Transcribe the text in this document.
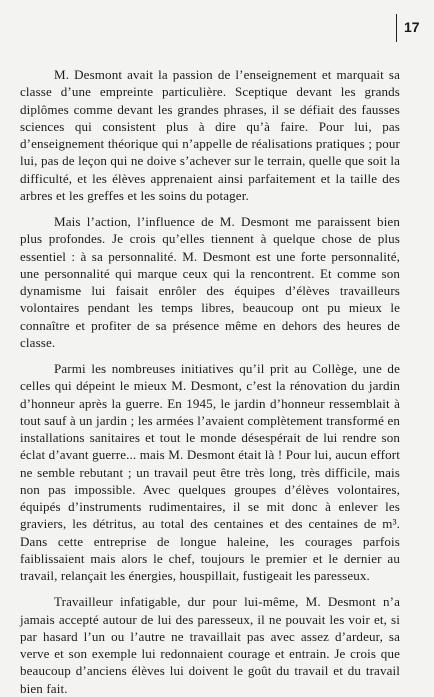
17

M. Desmont avait la passion de l’enseignement et marquait sa classe d’une empreinte particulière. Sceptique devant les grands diplômes comme devant les grandes phrases, il se défiait des fausses sciences qui consistent plus à dire qu’à faire. Pour lui, pas d’enseignement théorique qui n’appelle de réalisations pratiques ; pour lui, pas de leçon qui ne doive s’achever sur le terrain, quelle que soit la difficulté, et les élèves apprenaient ainsi parfaitement et la taille des arbres et les greffes et les soins du potager.

Mais l’action, l’influence de M. Desmont me paraissent bien plus profondes. Je crois qu’elles tiennent à quelque chose de plus essentiel : à sa personnalité. M. Desmont est une forte personnalité, une personnalité qui marque ceux qui la rencontrent. Et comme son dynamisme lui faisait enrôler des équipes d’élèves travailleurs volontaires pendant les temps libres, beaucoup ont pu mieux le connaître et profiter de sa présence même en dehors des heures de classe.

Parmi les nombreuses initiatives qu’il prit au Collège, une de celles qui dépeint le mieux M. Desmont, c’est la rénovation du jardin d’honneur après la guerre. En 1945, le jardin d’honneur ressemblait à tout sauf à un jardin ; les armées l’avaient complètement transformé en installations sanitaires et tout le monde désespérait de lui rendre son éclat d’avant guerre... mais M. Desmont était là ! Pour lui, aucun effort ne semble rebutant ; un travail peut être très long, très difficile, mais non pas impossible. Avec quelques groupes d’élèves volontaires, équipés d’instruments rudimentaires, il se mit donc à enlever les graviers, les détritus, au total des centaines et des centaines de m³. Dans cette entreprise de longue haleine, les courages parfois faiblissaient mais alors le chef, toujours le premier et le dernier au travail, relançait les énergies, houspillait, fustigeait les paresseux.

Travailleur infatigable, dur pour lui-même, M. Desmont n’a jamais accepté autour de lui des paresseux, il ne pouvait les voir et, si par hasard l’un ou l’autre ne travaillait pas avec assez d’ardeur, sa verve et son exemple lui redonnaient courage et entrain. Je crois que beaucoup d’anciens élèves lui doivent le goût du travail et du travail bien fait.
